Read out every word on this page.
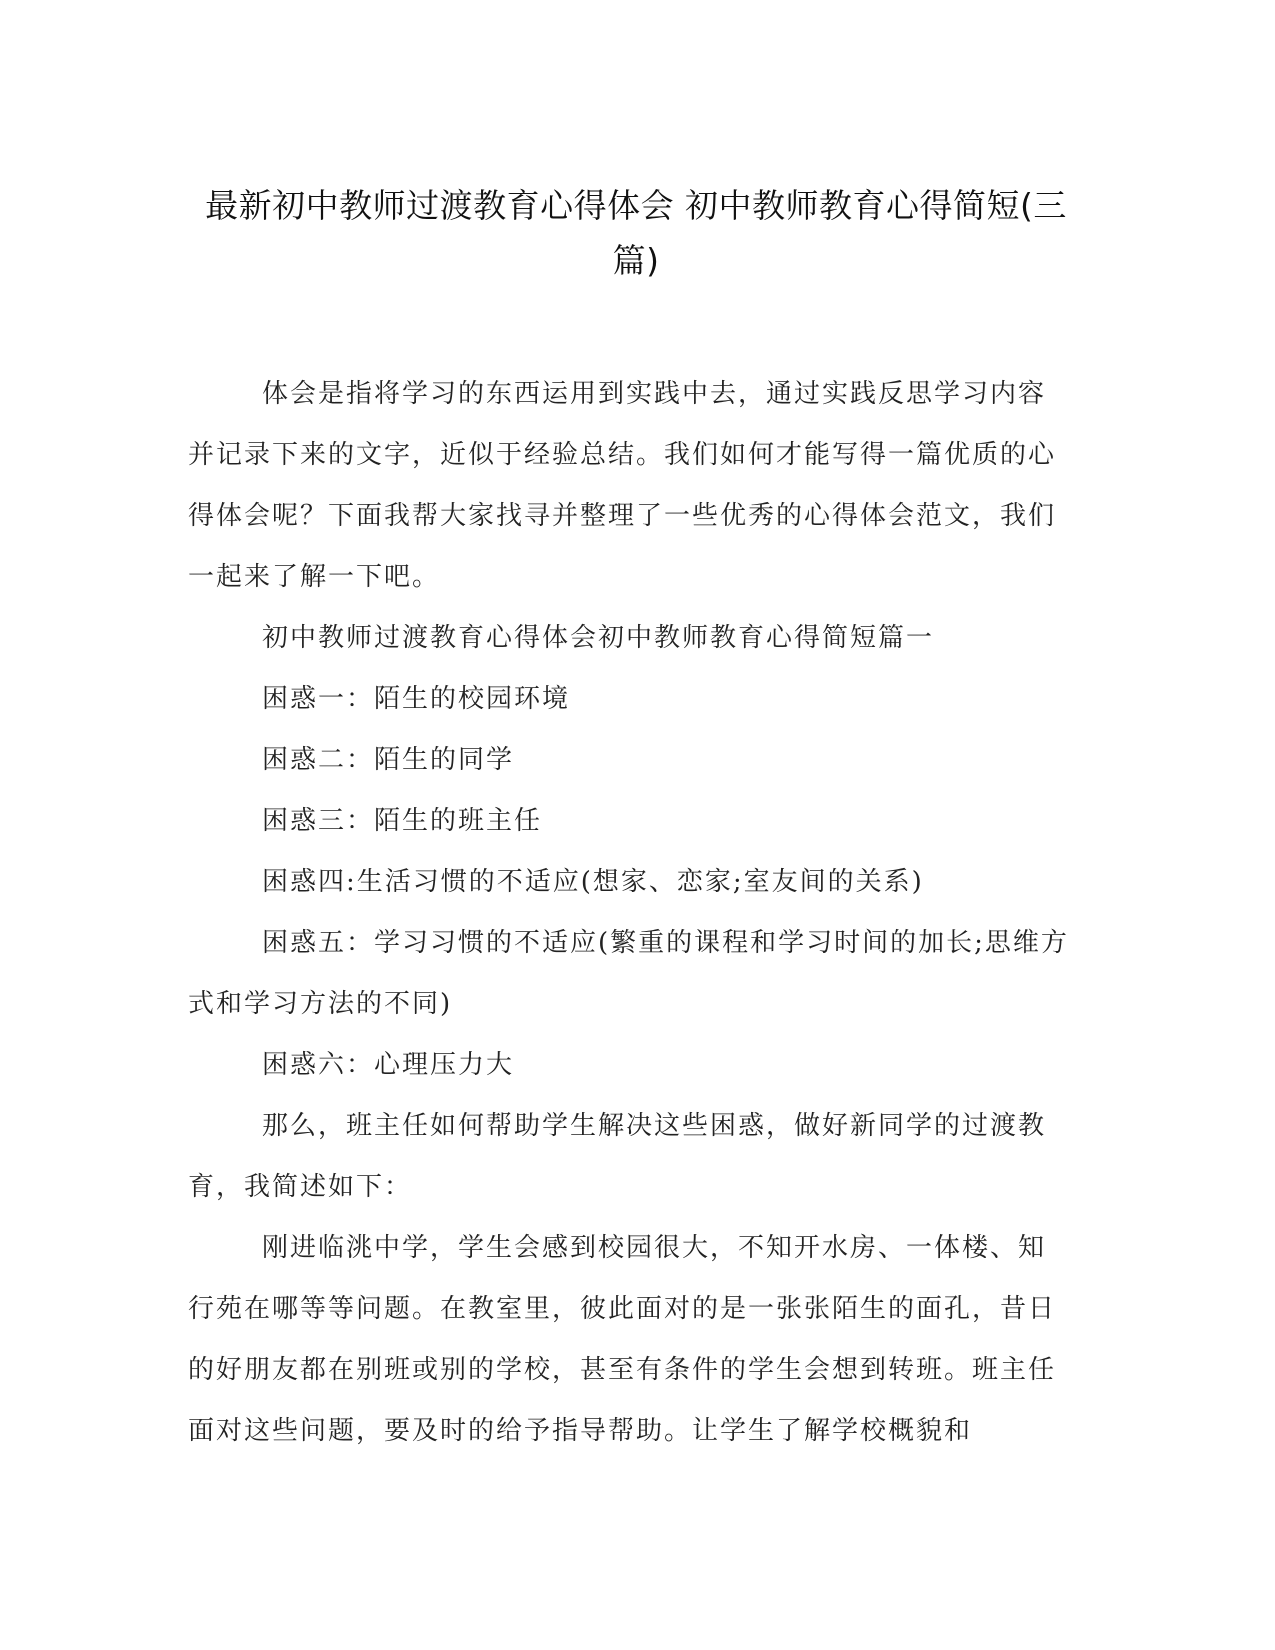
最新初中教师过渡教育心得体会 初中教师教育心得简短(三篇)

体会是指将学习的东西运用到实践中去，通过实践反思学习内容并记录下来的文字，近似于经验总结。我们如何才能写得一篇优质的心得体会呢？下面我帮大家找寻并整理了一些优秀的心得体会范文，我们一起来了解一下吧。

初中教师过渡教育心得体会初中教师教育心得简短篇一

困惑一：陌生的校园环境

困惑二：陌生的同学

困惑三：陌生的班主任

困惑四:生活习惯的不适应(想家、恋家;室友间的关系)

困惑五：学习习惯的不适应(繁重的课程和学习时间的加长;思维方式和学习方法的不同)

困惑六：心理压力大

那么，班主任如何帮助学生解决这些困惑，做好新同学的过渡教育，我简述如下：

刚进临洮中学，学生会感到校园很大，不知开水房、一体楼、知行苑在哪等等问题。在教室里，彼此面对的是一张张陌生的面孔，昔日的好朋友都在别班或别的学校，甚至有条件的学生会想到转班。班主任面对这些问题，要及时的给予指导帮助。让学生了解学校概貌和
